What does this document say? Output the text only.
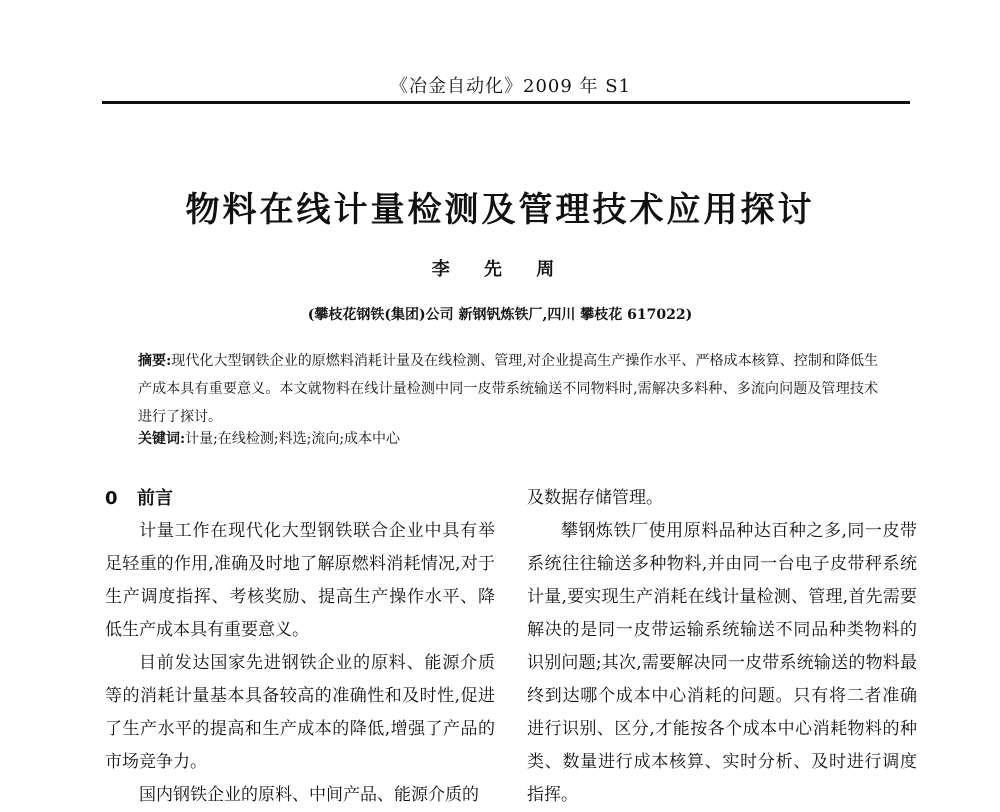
《冶金自动化》2009 年 S1
物料在线计量检测及管理技术应用探讨
李 先 周
(攀枝花钢铁(集团)公司 新钢钒炼铁厂,四川 攀枝花 617022)
摘要:现代化大型钢铁企业的原燃料消耗计量及在线检测、管理,对企业提高生产操作水平、严格成本核算、控制和降低生产成本具有重要意义。本文就物料在线计量检测中同一皮带系统输送不同物料时,需解决多料种、多流向问题及管理技术进行了探讨。
关键词:计量;在线检测;料选;流向;成本中心

0 前言

计量工作在现代化大型钢铁联合企业中具有举足轻重的作用,准确及时地了解原燃料消耗情况,对于生产调度指挥、考核奖励、提高生产操作水平、降低生产成本具有重要意义。

目前发达国家先进钢铁企业的原料、能源介质等的消耗计量基本具备较高的准确性和及时性,促进了生产水平的提高和生产成本的降低,增强了产品的市场竞争力。

国内钢铁企业的原料、中间产品、能源介质的

及数据存储管理。

攀钢炼铁厂使用原料品种达百种之多,同一皮带系统往往输送多种物料,并由同一台电子皮带秤系统计量,要实现生产消耗在线计量检测、管理,首先需要解决的是同一皮带运输系统输送不同品种类物料的识别问题;其次,需要解决同一皮带系统输送的物料最终到达哪个成本中心消耗的问题。只有将二者准确进行识别、区分,才能按各个成本中心消耗物料的种类、数量进行成本核算、实时分析、及时进行调度指挥。
